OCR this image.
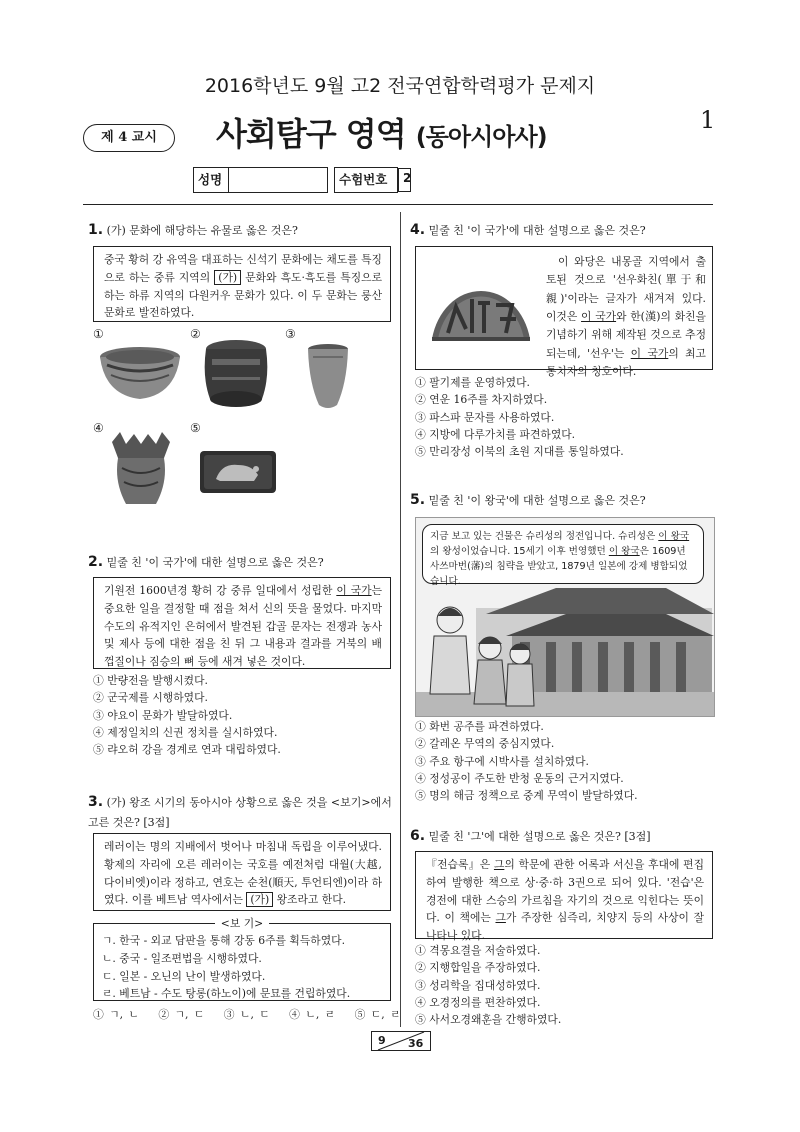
2016학년도 9월 고2 전국연합학력평가 문제지
제 4 교시	사회탐구 영역 (동아시아사)
1
성명			수험번호		2
1. (가) 문화에 해당하는 유물로 옳은 것은?
중국 황허 강 유역을 대표하는 신석기 문화에는 채도를 특징으로 하는 중류 지역의 (가) 문화와 흑도·흑도를 특징으로 하는 하류 지역의 다원커우 문화가 있다. 이 두 문화는 룽산 문화로 발전하였다.
①	②	③
④	⑤
2. 밑줄 친 '이 국가'에 대한 설명으로 옳은 것은?
기원전 1600년경 황허 강 중류 일대에서 성립한 이 국가는 중요한 일을 결정할 때 점을 쳐서 신의 뜻을 물었다. 마지막 수도의 유적지인 은허에서 발견된 갑골 문자는 전쟁과 농사 및 제사 등에 대한 점을 친 뒤 그 내용과 결과를 거북의 배 껍질이나 짐승의 뼈 등에 새겨 넣은 것이다.
① 반량전을 발행시켰다.
② 군국제를 시행하였다.
③ 야요이 문화가 발달하였다.
④ 제정일치의 신권 정치를 실시하였다.
⑤ 랴오허 강을 경계로 연과 대립하였다.
3. (가) 왕조 시기의 동아시아 상황으로 옳은 것을 <보기>에서 고른 것은? [3점]
레러이는 명의 지배에서 벗어나 마침내 독립을 이루어냈다. 황제의 자리에 오른 레러이는 국호를 예전처럼 대월(大越, 다이비엣)이라 정하고, 연호는 순천(順天, 투언티엔)이라 하였다. 이를 베트남 역사에서는 (가) 왕조라고 한다.
<보 기>
ㄱ. 한국 - 외교 담판을 통해 강동 6주를 획득하였다.
ㄴ. 중국 - 일조편법을 시행하였다.
ㄷ. 일본 - 오닌의 난이 발생하였다.
ㄹ. 베트남 - 수도 탕롱(하노이)에 문묘를 건립하였다.
① ㄱ, ㄴ ② ㄱ, ㄷ ③ ㄴ, ㄷ ④ ㄴ, ㄹ ⑤ ㄷ, ㄹ
4. 밑줄 친 '이 국가'에 대한 설명으로 옳은 것은?
이 와당은 내몽골 지역에서 출토된 것으로 '선우화친(單于和親)'이라는 글자가 새겨져 있다. 이것은 이 국가와 한(漢)의 화친을 기념하기 위해 제작된 것으로 추정되는데, '선우'는 이 국가의 최고 통치자의 칭호이다.
① 팔기제를 운영하였다.
② 연운 16주를 차지하였다.
③ 파스파 문자를 사용하였다.
④ 지방에 다루가치를 파견하였다.
⑤ 만리장성 이북의 초원 지대를 통일하였다.
5. 밑줄 친 '이 왕국'에 대한 설명으로 옳은 것은?
지금 보고 있는 건물은 슈리성의 정전입니다. 슈리성은 이 왕국의 왕성이었습니다. 15세기 이후 번영했던 이 왕국은 1609년 사쓰마번(藩)의 침략을 받았고, 1879년 일본에 강제 병합되었습니다.
① 화번 공주를 파견하였다.
② 갈레온 무역의 중심지였다.
③ 주요 항구에 시박사를 설치하였다.
④ 정성공이 주도한 반청 운동의 근거지였다.
⑤ 명의 해금 정책으로 중계 무역이 발달하였다.
6. 밑줄 친 '그'에 대한 설명으로 옳은 것은? [3점]
『전습록』은 그의 학문에 관한 어록과 서신을 후대에 편집하여 발행한 책으로 상·중·하 3권으로 되어 있다. '전습'은 경전에 대한 스승의 가르침을 자기의 것으로 익힌다는 뜻이다. 이 책에는 그가 주장한 심즉리, 치양지 등의 사상이 잘 나타나 있다.
① 격몽요결을 저술하였다.
② 지행합일을 주장하였다.
③ 성리학을 집대성하였다.
④ 오경정의를 편찬하였다.
⑤ 사서오경왜훈을 간행하였다.
9 36
